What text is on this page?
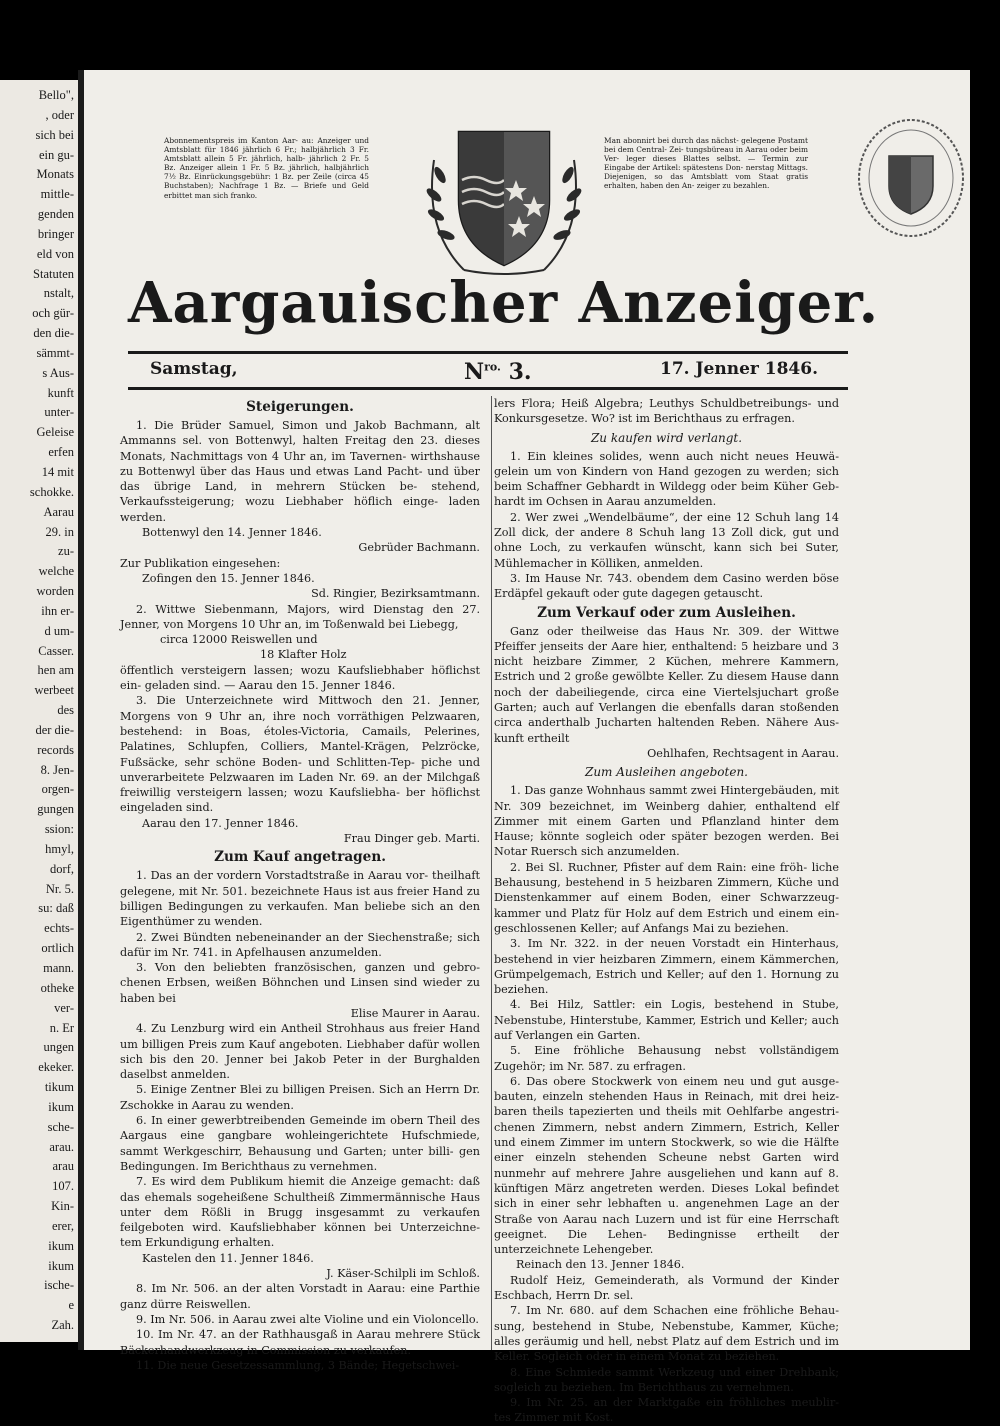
Bello",
, oder
sich bei
ein gu-
Monats
mittle-
genden
bringer
eld von
Statuten
nstalt,
och gür-
den die-
sämmt-
s Aus-
kunft
unter-
Geleise
erfen
14 mit
schokke.
Aarau
29. in
zu-
welche
worden
ihn er-
d um-
Casser.
hen am
werbeet
des
der die-
records
8. Jen-
orgen-
gungen
ssion:
hmyl,
dorf,
Nr. 5.
su: daß
echts-
ortlich
mann.
otheke
ver-
n. Er
ungen
ekeker.
tikum
ikum
sche-
arau.
arau
107.
Kin-
erer,
ikum
ikum
ische-
e
Zah.
Abonnementspreis im Kanton Aar- au: Anzeiger und Amtsblatt für 1846 jährlich 6 Fr.; halbjährlich 3 Fr. Amtsblatt allein 5 Fr. jährlich, halb- jährlich 2 Fr. 5 Bz. Anzeiger allein 1 Fr. 5 Bz. jährlich, halbjährlich 7½ Bz. Einrückungsgebühr: 1 Bz. per Zeile (circa 45 Buchstaben); Nachfrage 1 Bz. — Briefe und Geld erbittet man sich franko.
Man abonnirt bei durch das nächst- gelegene Postamt bei dem Central- Zei- tungsbüreau in Aarau oder beim Ver- leger dieses Blattes selbst. — Termin zur Eingabe der Artikel: spätestens Don- nerstag Mittags. Diejenigen, so das Amtsblatt vom Staat gratis erhalten, haben den An- zeiger zu bezahlen.
Aargauischer Anzeiger.
Samstag,	$N^{ro.}$ 3.	17. Jenner 1846.
Steigerungen.

1. Die Brüder Samuel, Simon und Jakob Bachmann, alt Ammanns sel. von Bottenwyl, halten Freitag den 23. dieses Monats, Nachmittags von 4 Uhr an, im Tavernen- wirthshause zu Bottenwyl über das Haus und etwas Land Pacht- und über das übrige Land, in mehrern Stücken be- stehend, Verkaufssteigerung; wozu Liebhaber höflich einge- laden werden.

Bottenwyl den 14. Jenner 1846.

Gebrüder Bachmann.

Zur Publikation eingesehen:

Zofingen den 15. Jenner 1846.

Sd. Ringier, Bezirksamtmann.

2. Wittwe Siebenmann, Majors, wird Dienstag den 27. Jenner, von Morgens 10 Uhr an, im Toßenwald bei Liebegg,

circa 12000 Reiswellen und

18 Klafter Holz

öffentlich versteigern lassen; wozu Kaufsliebhaber höflichst ein- geladen sind. — Aarau den 15. Jenner 1846.

3. Die Unterzeichnete wird Mittwoch den 21. Jenner, Morgens von 9 Uhr an, ihre noch vorräthigen Pelzwaaren, bestehend: in Boas, étoles-Victoria, Camails, Pelerines, Palatines, Schlupfen, Colliers, Mantel-Krägen, Pelzröcke, Fußsäcke, sehr schöne Boden- und Schlitten-Tep- piche und unverarbeitete Pelzwaaren im Laden Nr. 69. an der Milchgaß freiwillig versteigern lassen; wozu Kaufsliebha- ber höflichst eingeladen sind.

Aarau den 17. Jenner 1846.

Frau Dinger geb. Marti.

Zum Kauf angetragen.

1. Das an der vordern Vorstadtstraße in Aarau vor- theilhaft gelegene, mit Nr. 501. bezeichnete Haus ist aus freier Hand zu billigen Bedingungen zu verkaufen. Man beliebe sich an den Eigenthümer zu wenden.

2. Zwei Bündten nebeneinander an der Siechenstraße; sich dafür im Nr. 741. in Apfelhausen anzumelden.

3. Von den beliebten französischen, ganzen und gebro- chenen Erbsen, weißen Böhnchen und Linsen sind wieder zu haben bei

Elise Maurer in Aarau.

4. Zu Lenzburg wird ein Antheil Strohhaus aus freier Hand um billigen Preis zum Kauf angeboten. Liebhaber dafür wollen sich bis den 20. Jenner bei Jakob Peter in der Burghalden daselbst anmelden.

5. Einige Zentner Blei zu billigen Preisen. Sich an Herrn Dr. Zschokke in Aarau zu wenden.

6. In einer gewerbtreibenden Gemeinde im obern Theil des Aargaus eine gangbare wohleingerichtete Hufschmiede, sammt Werkgeschirr, Behausung und Garten; unter billi- gen Bedingungen. Im Berichthaus zu vernehmen.

7. Es wird dem Publikum hiemit die Anzeige gemacht: daß das ehemals sogeheißene Schultheiß Zimmermännische Haus unter dem Rößli in Brugg insgesammt zu verkaufen feilgeboten wird. Kaufsliebhaber können bei Unterzeichne- tem Erkundigung erhalten.

Kastelen den 11. Jenner 1846.

J. Käser-Schilpli im Schloß.

8. Im Nr. 506. an der alten Vorstadt in Aarau: eine Parthie ganz dürre Reiswellen.

9. Im Nr. 506. in Aarau zwei alte Violine und ein Violoncello.

10. Im Nr. 47. an der Rathhausgaß in Aarau mehrere Stück Bäckerhandwerkzeug in Commission zu verkaufen.

11. Die neue Gesetzessammlung, 3 Bände; Hegetschwei-

lers Flora; Heiß Algebra; Leuthys Schuldbetreibungs- und Konkursgesetze. Wo? ist im Berichthaus zu erfragen.

Zu kaufen wird verlangt.

1. Ein kleines solides, wenn auch nicht neues Heuwä- gelein um von Kindern von Hand gezogen zu werden; sich beim Schaffner Gebhardt in Wildegg oder beim Küher Geb- hardt im Ochsen in Aarau anzumelden.

2. Wer zwei „Wendelbäume“, der eine 12 Schuh lang 14 Zoll dick, der andere 8 Schuh lang 13 Zoll dick, gut und ohne Loch, zu verkaufen wünscht, kann sich bei Suter, Mühlemacher in Kölliken, anmelden.

3. Im Hause Nr. 743. obendem dem Casino werden böse Erdäpfel gekauft oder gute dagegen getauscht.

Zum Verkauf oder zum Ausleihen.

Ganz oder theilweise das Haus Nr. 309. der Wittwe Pfeiffer jenseits der Aare hier, enthaltend: 5 heizbare und 3 nicht heizbare Zimmer, 2 Küchen, mehrere Kammern, Estrich und 2 große gewölbte Keller. Zu diesem Hause dann noch der dabeiliegende, circa eine Viertelsjuchart große Garten; auch auf Verlangen die ebenfalls daran stoßenden circa anderthalb Jucharten haltenden Reben. Nähere Aus- kunft ertheilt

Oehlhafen, Rechtsagent in Aarau.

Zum Ausleihen angeboten.

1. Das ganze Wohnhaus sammt zwei Hintergebäuden, mit Nr. 309 bezeichnet, im Weinberg dahier, enthaltend elf Zimmer mit einem Garten und Pflanzland hinter dem Hause; könnte sogleich oder später bezogen werden. Bei Notar Ruersch sich anzumelden.

2. Bei Sl. Ruchner, Pfister auf dem Rain: eine fröh- liche Behausung, bestehend in 5 heizbaren Zimmern, Küche und Dienstenkammer auf einem Boden, einer Schwarzzeug- kammer und Platz für Holz auf dem Estrich und einem ein- geschlossenen Keller; auf Anfangs Mai zu beziehen.

3. Im Nr. 322. in der neuen Vorstadt ein Hinterhaus, bestehend in vier heizbaren Zimmern, einem Kämmerchen, Grümpelgemach, Estrich und Keller; auf den 1. Hornung zu beziehen.

4. Bei Hilz, Sattler: ein Logis, bestehend in Stube, Nebenstube, Hinterstube, Kammer, Estrich und Keller; auch auf Verlangen ein Garten.

5. Eine fröhliche Behausung nebst vollständigem Zugehör; im Nr. 587. zu erfragen.

6. Das obere Stockwerk von einem neu und gut ausge- bauten, einzeln stehenden Haus in Reinach, mit drei heiz- baren theils tapezierten und theils mit Oehlfarbe angestri- chenen Zimmern, nebst andern Zimmern, Estrich, Keller und einem Zimmer im untern Stockwerk, so wie die Hälfte einer einzeln stehenden Scheune nebst Garten wird nunmehr auf mehrere Jahre ausgeliehen und kann auf 8. künftigen März angetreten werden. Dieses Lokal befindet sich in einer sehr lebhaften u. angenehmen Lage an der Straße von Aarau nach Luzern und ist für eine Herrschaft geeignet. Die Lehen- Bedingnisse ertheilt der unterzeichnete Lehengeber.

Reinach den 13. Jenner 1846.

Rudolf Heiz, Gemeinderath, als Vormund der Kinder Eschbach, Herrn Dr. sel.

7. Im Nr. 680. auf dem Schachen eine fröhliche Behau- sung, bestehend in Stube, Nebenstube, Kammer, Küche; alles geräumig und hell, nebst Platz auf dem Estrich und im Keller. Sogleich oder in einem Monat zu beziehen.

8. Eine Schmiede sammt Werkzeug und einer Drehbank; sogleich zu beziehen. Im Berichthaus zu vernehmen.

9. Im Nr. 25. an der Marktgaße ein fröhliches meublir- tes Zimmer mit Kost.
